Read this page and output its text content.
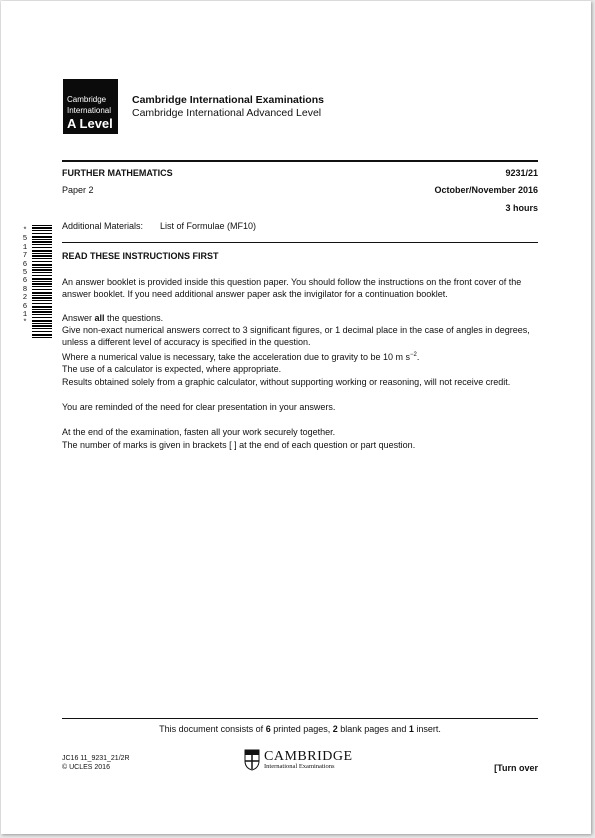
Cambridge
International
A Level
Cambridge International Examinations
Cambridge International Advanced Level
FURTHER MATHEMATICS	9231/21
Paper 2	October/November 2016
3 hours
Additional Materials: List of Formulae (MF10)
*5176568261*
READ THESE INSTRUCTIONS FIRST

An answer booklet is provided inside this question paper. You should follow the instructions on the front cover of the answer booklet. If you need additional answer paper ask the invigilator for a continuation booklet.

Answer all the questions.

Give non-exact numerical answers correct to 3 significant figures, or 1 decimal place in the case of angles in degrees, unless a different level of accuracy is specified in the question.

Where a numerical value is necessary, take the acceleration due to gravity to be 10 m $s^{-2}$.

The use of a calculator is expected, where appropriate.

Results obtained solely from a graphic calculator, without supporting working or reasoning, will not receive credit.

You are reminded of the need for clear presentation in your answers.

At the end of the examination, fasten all your work securely together.

The number of marks is given in brackets [ ] at the end of each question or part question.

This document consists of 6 printed pages, 2 blank pages and 1 insert.
JC16 11_9231_21/2R
© UCLES 2016
CAMBRIDGE
International Examinations	[Turn over
